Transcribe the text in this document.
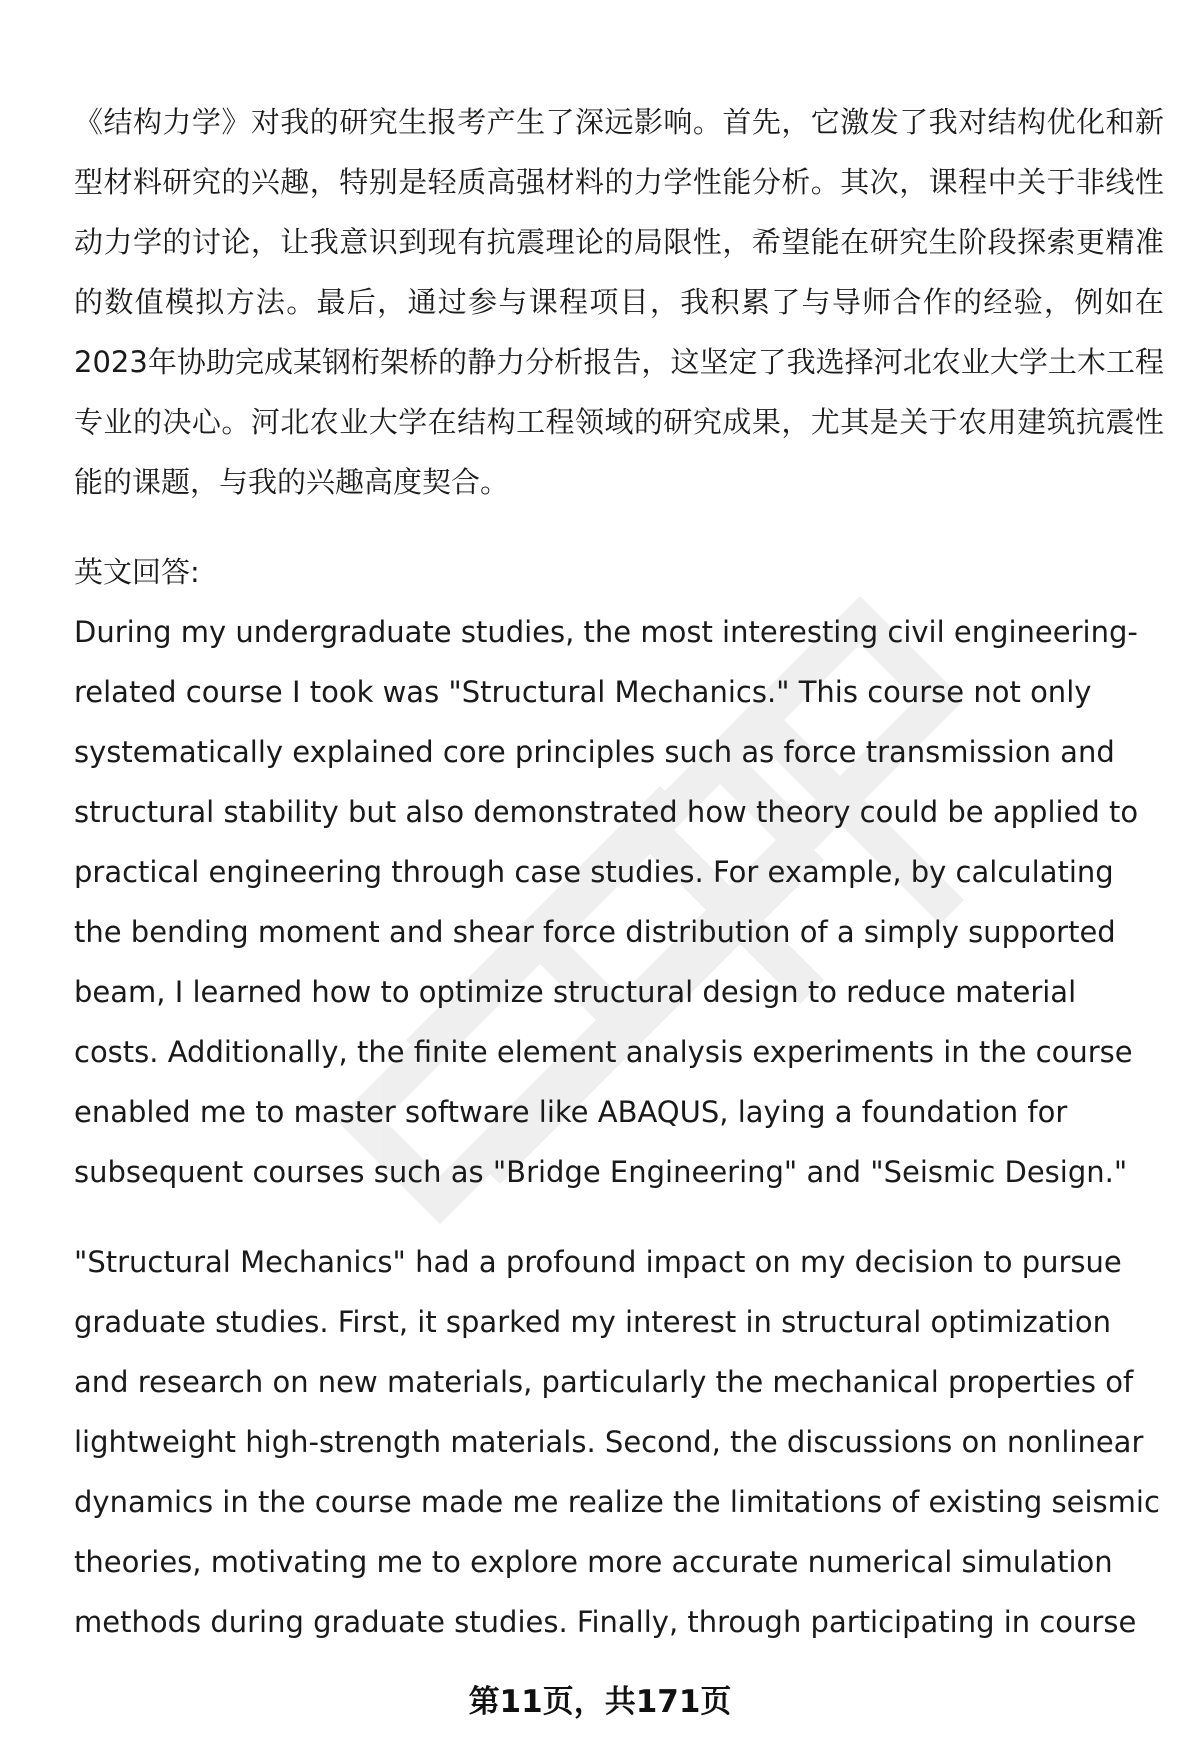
《结构力学》对我的研究生报考产生了深远影响。首先，它激发了我对结构优化和新型材料研究的兴趣，特别是轻质高强材料的力学性能分析。其次，课程中关于非线性动力学的讨论，让我意识到现有抗震理论的局限性，希望能在研究生阶段探索更精准的数值模拟方法。最后，通过参与课程项目，我积累了与导师合作的经验，例如在2023年协助完成某钢桁架桥的静力分析报告，这坚定了我选择河北农业大学土木工程专业的决心。河北农业大学在结构工程领域的研究成果，尤其是关于农用建筑抗震性能的课题，与我的兴趣高度契合。

英文回答:

During my undergraduate studies, the most interesting civil engineering-related course I took was "Structural Mechanics." This course not only systematically explained core principles such as force transmission and structural stability but also demonstrated how theory could be applied to practical engineering through case studies. For example, by calculating the bending moment and shear force distribution of a simply supported beam, I learned how to optimize structural design to reduce material costs. Additionally, the finite element analysis experiments in the course enabled me to master software like ABAQUS, laying a foundation for subsequent courses such as "Bridge Engineering" and "Seismic Design."

"Structural Mechanics" had a profound impact on my decision to pursue graduate studies. First, it sparked my interest in structural optimization and research on new materials, particularly the mechanical properties of lightweight high-strength materials. Second, the discussions on nonlinear dynamics in the course made me realize the limitations of existing seismic theories, motivating me to explore more accurate numerical simulation methods during graduate studies. Finally, through participating in course

第11页，共171页
